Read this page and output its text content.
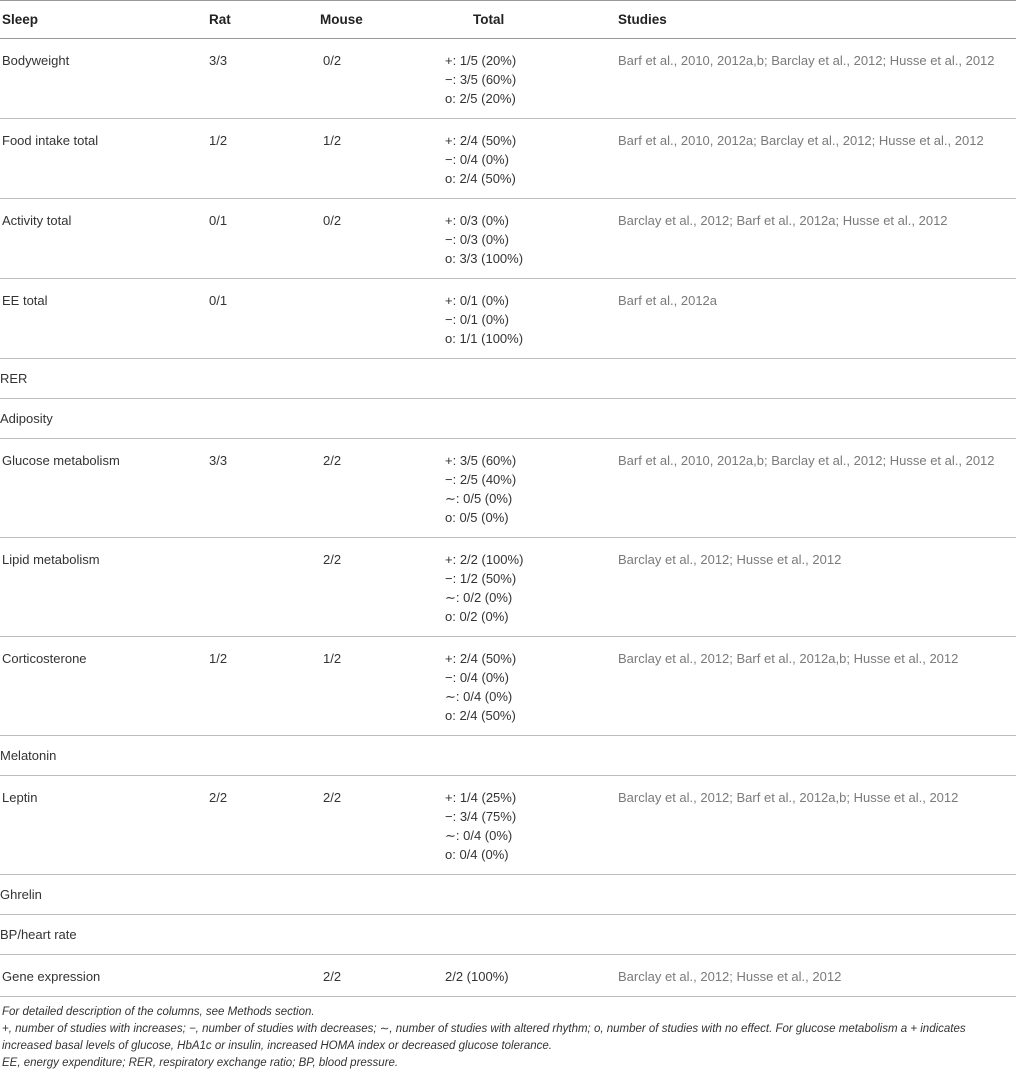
Sleep	Rat	Mouse	Total	Studies
Bodyweight	3/3	0/2	+: 1/5 (20%)
−: 3/5 (60%)
o: 2/5 (20%)	Barf et al., 2010, 2012a,b; Barclay et al., 2012; Husse et al., 2012
Food intake total	1/2	1/2	+: 2/4 (50%)
−: 0/4 (0%)
o: 2/4 (50%)	Barf et al., 2010, 2012a; Barclay et al., 2012; Husse et al., 2012
Activity total	0/1	0/2	+: 0/3 (0%)
−: 0/3 (0%)
o: 3/3 (100%)	Barclay et al., 2012; Barf et al., 2012a; Husse et al., 2012
EE total	0/1		+: 0/1 (0%)
−: 0/1 (0%)
o: 1/1 (100%)	Barf et al., 2012a
RER				
Adiposity				
Glucose metabolism	3/3	2/2	+: 3/5 (60%)
−: 2/5 (40%)
∼: 0/5 (0%)
o: 0/5 (0%)	Barf et al., 2010, 2012a,b; Barclay et al., 2012; Husse et al., 2012
Lipid metabolism		2/2	+: 2/2 (100%)
−: 1/2 (50%)
∼: 0/2 (0%)
o: 0/2 (0%)	Barclay et al., 2012; Husse et al., 2012
Corticosterone	1/2	1/2	+: 2/4 (50%)
−: 0/4 (0%)
∼: 0/4 (0%)
o: 2/4 (50%)	Barclay et al., 2012; Barf et al., 2012a,b; Husse et al., 2012
Melatonin				
Leptin	2/2	2/2	+: 1/4 (25%)
−: 3/4 (75%)
∼: 0/4 (0%)
o: 0/4 (0%)	Barclay et al., 2012; Barf et al., 2012a,b; Husse et al., 2012
Ghrelin				
BP/heart rate				
Gene expression		2/2	2/2 (100%)	Barclay et al., 2012; Husse et al., 2012

For detailed description of the columns, see Methods section.

+, number of studies with increases; −, number of studies with decreases; ∼, number of studies with altered rhythm; o, number of studies with no effect. For glucose metabolism a + indicates increased basal levels of glucose, HbA1c or insulin, increased HOMA index or decreased glucose tolerance.

EE, energy expenditure; RER, respiratory exchange ratio; BP, blood pressure.
